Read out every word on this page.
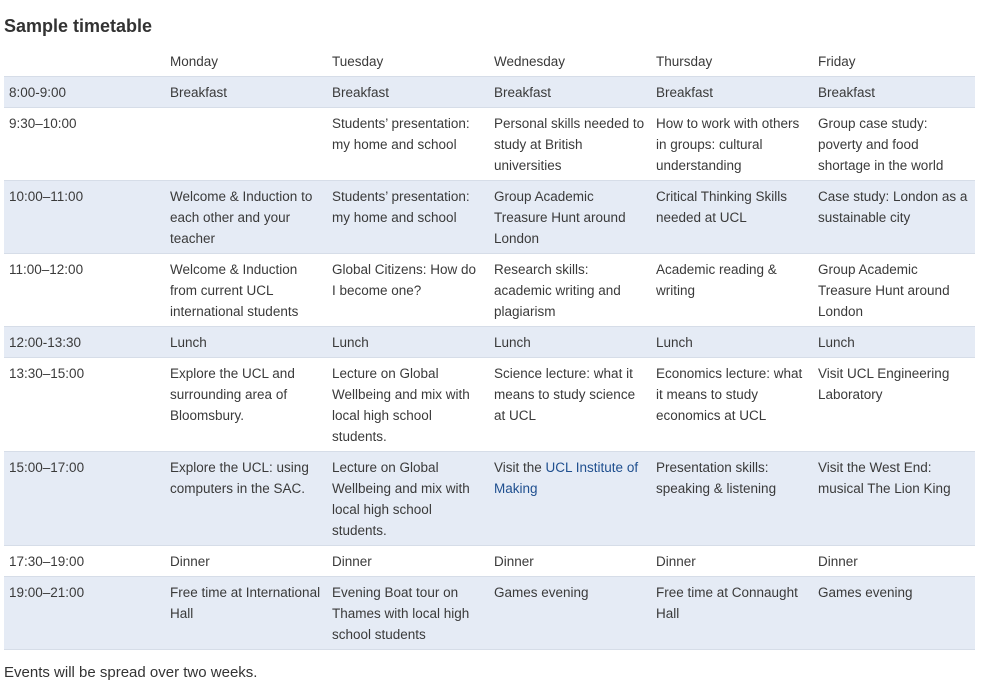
Sample timetable
	Monday	Tuesday	Wednesday	Thursday	Friday
8:00-9:00	Breakfast	Breakfast	Breakfast	Breakfast	Breakfast
9:30–10:00		Students’ presentation: my home and school	Personal skills needed to study at British universities	How to work with others in groups: cultural understanding	Group case study: poverty and food shortage in the world
10:00–11:00	Welcome & Induction to each other and your teacher	Students’ presentation: my home and school	Group Academic Treasure Hunt around London	Critical Thinking Skills needed at UCL	Case study: London as a sustainable city
11:00–12:00	Welcome & Induction from current UCL international students	Global Citizens: How do I become one?	Research skills: academic writing and plagiarism	Academic reading & writing	Group Academic Treasure Hunt around London
12:00-13:30	Lunch	Lunch	Lunch	Lunch	Lunch
13:30–15:00	Explore the UCL and surrounding area of Bloomsbury.	Lecture on Global Wellbeing and mix with local high school students.	Science lecture: what it means to study science at UCL	Economics lecture: what it means to study economics at UCL	Visit UCL Engineering Laboratory
15:00–17:00	Explore the UCL: using computers in the SAC.	Lecture on Global Wellbeing and mix with local high school students.	Visit the UCL Institute of Making	Presentation skills: speaking & listening	Visit the West End: musical The Lion King
17:30–19:00	Dinner	Dinner	Dinner	Dinner	Dinner
19:00–21:00	Free time at International Hall	Evening Boat tour on Thames with local high school students	Games evening	Free time at Connaught Hall	Games evening

Events will be spread over two weeks.
